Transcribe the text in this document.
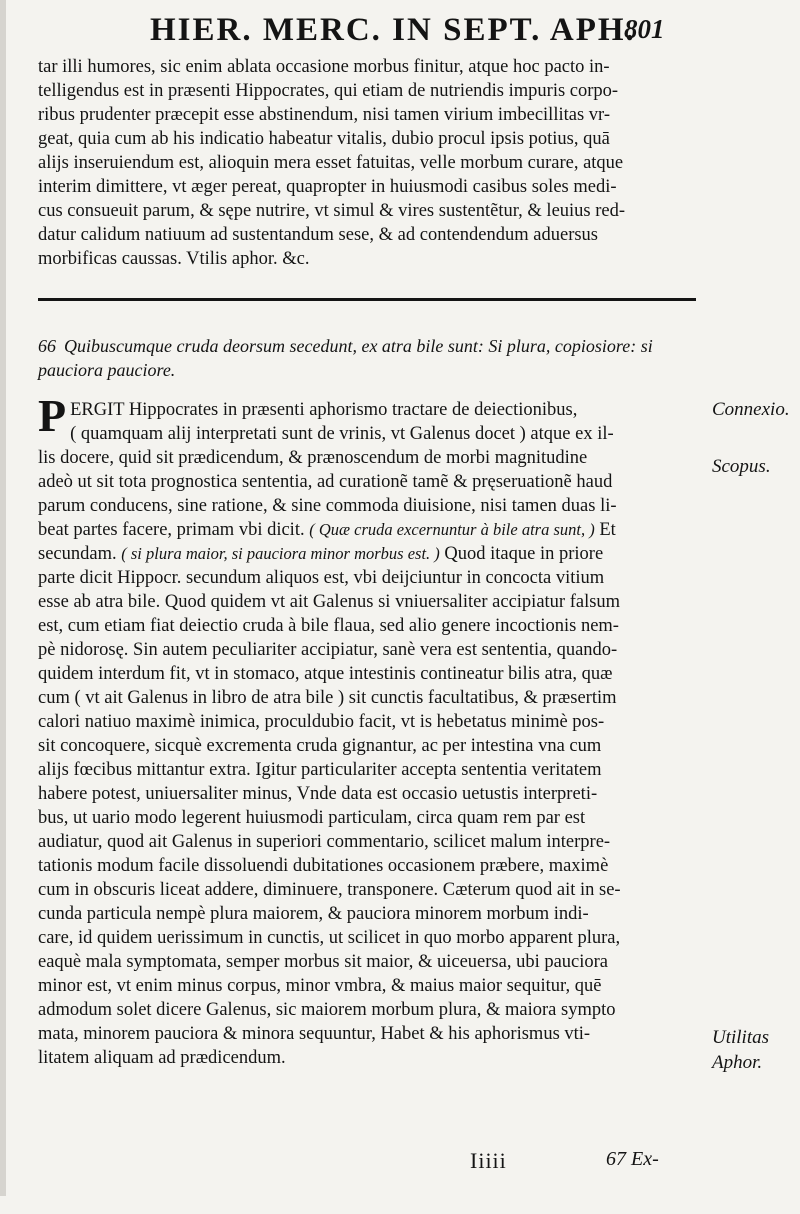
HIER. MERC. IN SEPT. APH.
801
tar illi humores, sic enim ablata occasione morbus finitur, atque hoc pacto in-
telligendus est in præsenti Hippocrates, qui etiam de nutriendis impuris corpo-
ribus prudenter præcepit esse abstinendum, nisi tamen virium imbecillitas vr-
geat, quia cum ab his indicatio habeatur vitalis, dubio procul ipsis potius, quā
alijs inseruiendum est, alioquin mera esset fatuitas, velle morbum curare, atque
interim dimittere, vt æger pereat, quapropter in huiusmodi casibus soles medi-
cus consueuit parum, & sępe nutrire, vt simul & vires sustentẽtur, & leuius red-
datur calidum natiuum ad sustentandum sese, & ad contendendum aduersus
morbificas caussas. Vtilis aphor. &c.
66 Quibuscumque cruda deorsum secedunt, ex atra bile sunt: Si plura, copiosiore: si
pauciora pauciore.
PERGIT Hippocrates in præsenti aphorismo tractare de deiectionibus,
( quamquam alij interpretati sunt de vrinis, vt Galenus docet ) atque ex il-
lis docere, quid sit prædicendum, & prænoscendum de morbi magnitudine
adeò ut sit tota prognostica sententia, ad curationẽ tamẽ & pręseruationẽ haud
parum conducens, sine ratione, & sine commoda diuisione, nisi tamen duas li-
beat partes facere, primam vbi dicit. ( Quæ cruda excernuntur à bile atra sunt, ) Et
secundam. ( si plura maior, si pauciora minor morbus est. ) Quod itaque in priore
parte dicit Hippocr. secundum aliquos est, vbi deijciuntur in concocta vitium
esse ab atra bile. Quod quidem vt ait Galenus si vniuersaliter accipiatur falsum
est, cum etiam fiat deiectio cruda à bile flaua, sed alio genere incoctionis nem-
pè nidorosę. Sin autem peculiariter accipiatur, sanè vera est sententia, quando-
quidem interdum fit, vt in stomaco, atque intestinis contineatur bilis atra, quæ
cum ( vt ait Galenus in libro de atra bile ) sit cunctis facultatibus, & præsertim
calori natiuo maximè inimica, proculdubio facit, vt is hebetatus minimè pos-
sit concoquere, sicquè excrementa cruda gignantur, ac per intestina vna cum
alijs fœcibus mittantur extra. Igitur particulariter accepta sententia veritatem
habere potest, uniuersaliter minus, Vnde data est occasio uetustis interpreti-
bus, ut uario modo legerent huiusmodi particulam, circa quam rem par est
audiatur, quod ait Galenus in superiori commentario, scilicet malum interpre-
tationis modum facile dissoluendi dubitationes occasionem præbere, maximè
cum in obscuris liceat addere, diminuere, transponere. Cæterum quod ait in se-
cunda particula nempè plura maiorem, & pauciora minorem morbum indi-
care, id quidem uerissimum in cunctis, ut scilicet in quo morbo apparent plura,
eaquè mala symptomata, semper morbus sit maior, & uiceuersa, ubi pauciora
minor est, vt enim minus corpus, minor vmbra, & maius maior sequitur, quē
admodum solet dicere Galenus, sic maiorem morbum plura, & maiora sympto
mata, minorem pauciora & minora sequuntur, Habet & his aphorismus vti-
litatem aliquam ad prædicendum.
Connexio.
Scopus.
Utilitas
Aphor.
Iiiii	67 Ex-
